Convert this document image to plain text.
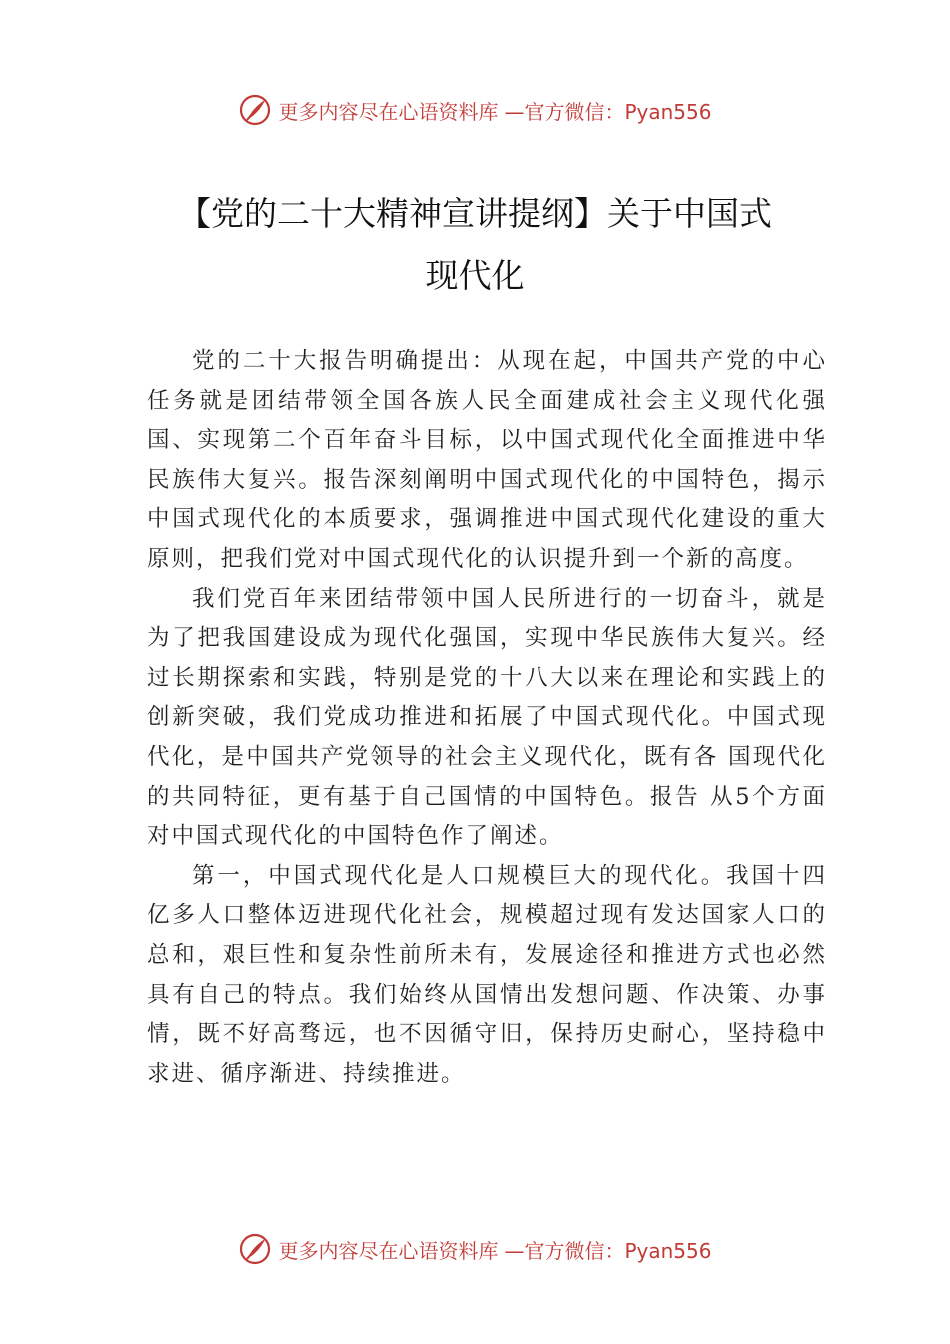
更多内容尽在心语资料库 —官方微信：Pyan556
【党的二十大精神宣讲提纲】关于中国式
现代化

党的二十大报告明确提出：从现在起，中国共产党的中心任务就是团结带领全国各族人民全面建成社会主义现代化强国、实现第二个百年奋斗目标，以中国式现代化全面推进中华民族伟大复兴。报告深刻阐明中国式现代化的中国特色，揭示中国式现代化的本质要求，强调推进中国式现代化建设的重大原则，把我们党对中国式现代化的认识提升到一个新的高度。

我们党百年来团结带领中国人民所进行的一切奋斗，就是为了把我国建设成为现代化强国，实现中华民族伟大复兴。经过长期探索和实践，特别是党的十八大以来在理论和实践上的创新突破，我们党成功推进和拓展了中国式现代化。中国式现代化，是中国共产党领导的社会主义现代化，既有各 国现代化的共同特征，更有基于自己国情的中国特色。报告 从5个方面对中国式现代化的中国特色作了阐述。

第一，中国式现代化是人口规模巨大的现代化。我国十四亿多人口整体迈进现代化社会，规模超过现有发达国家人口的总和，艰巨性和复杂性前所未有，发展途径和推进方式也必然具有自己的特点。我们始终从国情出发想问题、作决策、办事情，既不好高骛远，也不因循守旧，保持历史耐心，坚持稳中求进、循序渐进、持续推进。

更多内容尽在心语资料库 —官方微信：Pyan556
